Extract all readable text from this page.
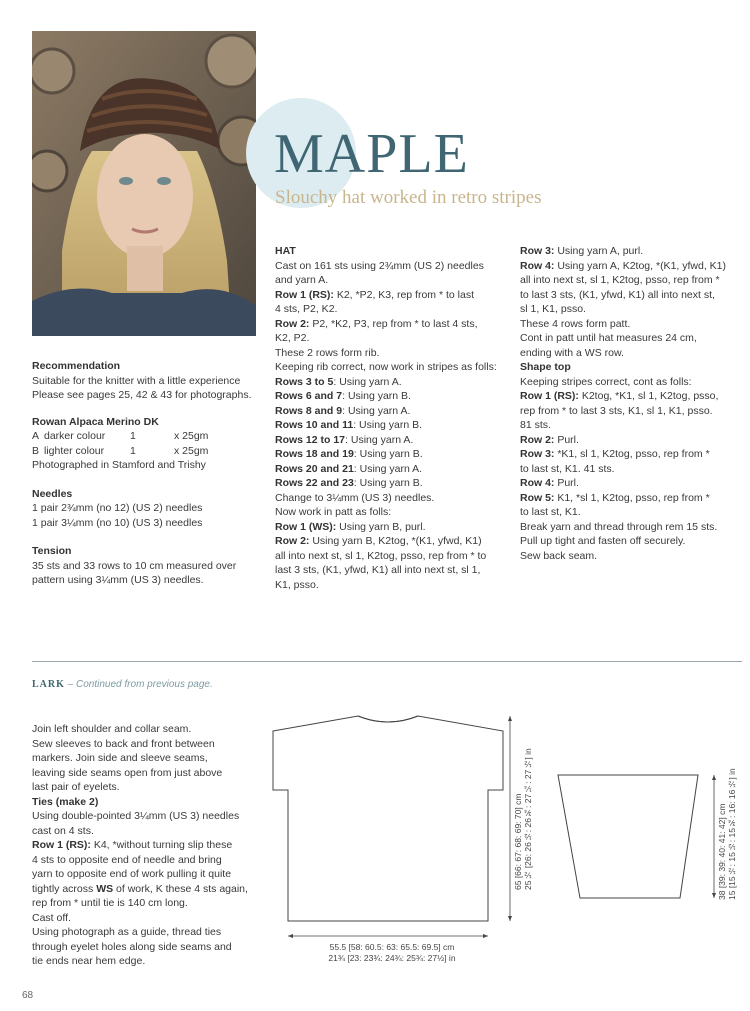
MAPLE
Slouchy hat worked in retro stripes

Recommendation

Suitable for the knitter with a little experience

Please see pages 25, 42 & 43 for photographs.

Rowan Alpaca Merino DK

A darker colour	1	x 25gm
B lighter colour	1	x 25gm

Photographed in Stamford and Trishy

Needles

1 pair 2¾mm (no 12) (US 2) needles

1 pair 3¼mm (no 10) (US 3) needles

Tension

35 sts and 33 rows to 10 cm measured over

pattern using 3¼mm (US 3) needles.

HAT

Cast on 161 sts using 2¾mm (US 2) needles

and yarn A.

Row 1 (RS): K2, *P2, K3, rep from * to last

4 sts, P2, K2.

Row 2: P2, *K2, P3, rep from * to last 4 sts,

K2, P2.

These 2 rows form rib.

Keeping rib correct, now work in stripes as folls:

Rows 3 to 5: Using yarn A.

Rows 6 and 7: Using yarn B.

Rows 8 and 9: Using yarn A.

Rows 10 and 11: Using yarn B.

Rows 12 to 17: Using yarn A.

Rows 18 and 19: Using yarn B.

Rows 20 and 21: Using yarn A.

Rows 22 and 23: Using yarn B.

Change to 3¼mm (US 3) needles.

Now work in patt as folls:

Row 1 (WS): Using yarn B, purl.

Row 2: Using yarn B, K2tog, *(K1, yfwd, K1)

all into next st, sl 1, K2tog, psso, rep from * to

last 3 sts, (K1, yfwd, K1) all into next st, sl 1,

K1, psso.

Row 3: Using yarn A, purl.

Row 4: Using yarn A, K2tog, *(K1, yfwd, K1)

all into next st, sl 1, K2tog, psso, rep from *

to last 3 sts, (K1, yfwd, K1) all into next st,

sl 1, K1, psso.

These 4 rows form patt.

Cont in patt until hat measures 24 cm,

ending with a WS row.

Shape top

Keeping stripes correct, cont as folls:

Row 1 (RS): K2tog, *K1, sl 1, K2tog, psso,

rep from * to last 3 sts, K1, sl 1, K1, psso.

81 sts.

Row 2: Purl.

Row 3: *K1, sl 1, K2tog, psso, rep from *

to last st, K1. 41 sts.

Row 4: Purl.

Row 5: K1, *sl 1, K2tog, psso, rep from *

to last st, K1.

Break yarn and thread through rem 15 sts.

Pull up tight and fasten off securely.

Sew back seam.

LARK – Continued from previous page.

Join left shoulder and collar seam.

Sew sleeves to back and front between

markers. Join side and sleeve seams,

leaving side seams open from just above

last pair of eyelets.

Ties (make 2)

Using double-pointed 3¼mm (US 3) needles

cast on 4 sts.

Row 1 (RS): K4, *without turning slip these

4 sts to opposite end of needle and bring

yarn to opposite end of work pulling it quite

tightly across WS of work, K these 4 sts again,

rep from * until tie is 140 cm long.

Cast off.

Using photograph as a guide, thread ties

through eyelet holes along side seams and

tie ends near hem edge.

55.5 [58: 60.5: 63: 65.5: 69.5] cm
21¾ [23: 23¾: 24¾: 25¾: 27½] in
65 [66: 67: 68: 69: 70] cm 25½ [26: 26½: 26¾: 27¼: 27½] in	38 [39: 39: 40: 41: 42] cm 15 [15½: 15½: 15¾: 16: 16½] in
68
